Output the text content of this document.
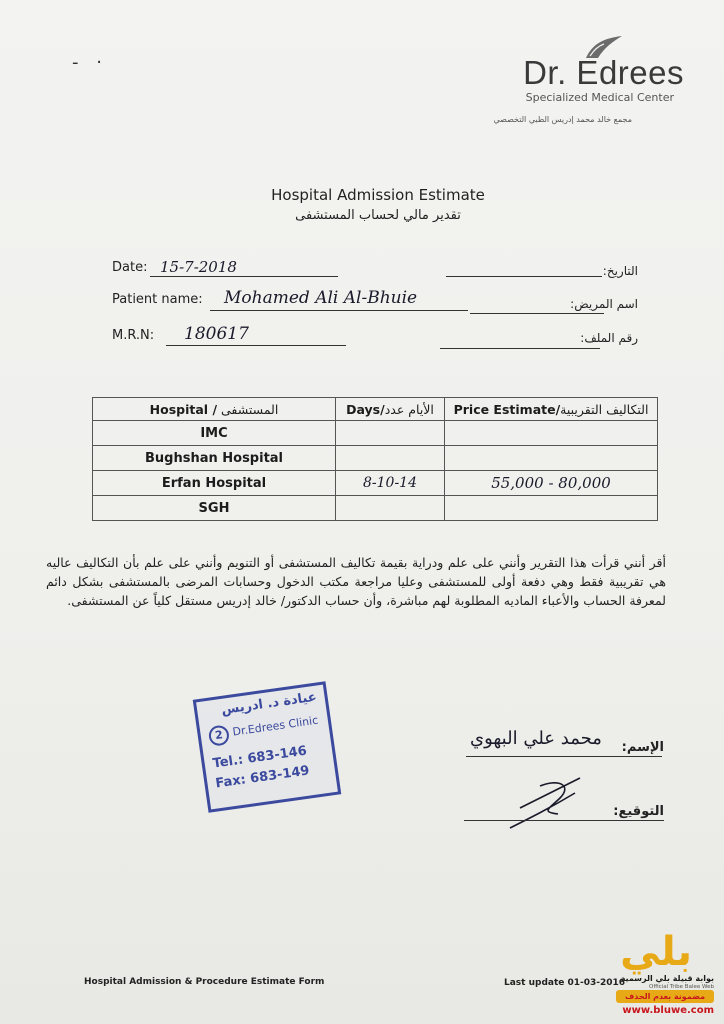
- ·	Dr. Edrees
Specialized Medical Center
مجمع خالد محمد إدريس الطبي التخصصي
Hospital Admission Estimate
تقدير مالي لحساب المستشفى
Date: 15-7-2018	التاريخ:
Patient name: Mohamed Ali Al-Bhuie	اسم المريض:
M.R.N: 180617	رقم الملف:
Hospital / المستشفى	Days/ الأيام عدد	Price Estimate/التكاليف التقريبية
IMC		
Bughshan Hospital		
Erfan Hospital	8-10-14	55,000 - 80,000
SGH		
أقر أنني قرأت هذا التقرير وأنني على علم ودراية بقيمة تكاليف المستشفى أو التنويم وأنني على علم بأن التكاليف عاليه هي تقريبية فقط وهي دفعة أولى للمستشفى وعليا مراجعة مكتب الدخول وحسابات المرضى بالمستشفى بشكل دائم لمعرفة الحساب والأعباء الماديه المطلوبة لهم مباشرة، وأن حساب الدكتور/ خالد إدريس مستقل كلياً عن المستشفى.
عيادة د. ادريس
2 Dr.Edrees Clinic
Tel.: 683-146
Fax: 683-149
الإسم:
محمد علي البهوي
التوقيع:
Hospital Admission & Procedure Estimate Form	Last update 01-03-2016
بلي
بوابة قبيلة بلي الرسمية
Official Tribe Balee Web
مضمونة بعدم الحذف
www.bluwe.com
